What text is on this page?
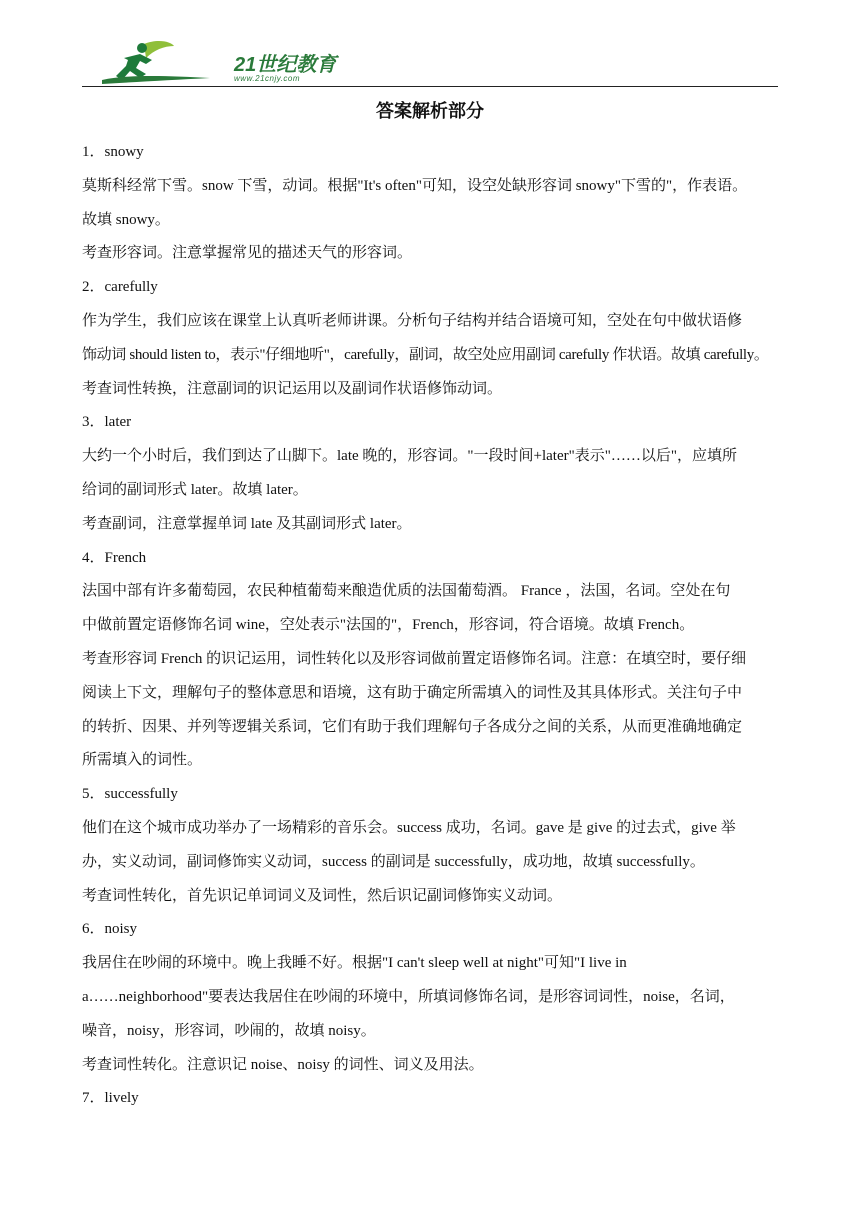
21世纪教育
www.21cnjy.com
答案解析部分
1．snowy
莫斯科经常下雪。snow 下雪，动词。根据"It's often"可知，设空处缺形容词 snowy"下雪的"，作表语。
故填 snowy。
考查形容词。注意掌握常见的描述天气的形容词。
2．carefully
作为学生，我们应该在课堂上认真听老师讲课。分析句子结构并结合语境可知，空处在句中做状语修
饰动词 should listen to，表示"仔细地听"，carefully，副词，故空处应用副词 carefully 作状语。故填 carefully。
考查词性转换，注意副词的识记运用以及副词作状语修饰动词。
3．later
大约一个小时后，我们到达了山脚下。late 晚的，形容词。"一段时间+later"表示"……以后"，应填所
给词的副词形式 later。故填 later。
考查副词，注意掌握单词 late 及其副词形式 later。
4．French
法国中部有许多葡萄园，农民种植葡萄来酿造优质的法国葡萄酒。 France ，法国，名词。空处在句
中做前置定语修饰名词 wine，空处表示"法国的"，French，形容词，符合语境。故填 French。
考查形容词 French 的识记运用，词性转化以及形容词做前置定语修饰名词。注意：在填空时，要仔细
阅读上下文，理解句子的整体意思和语境，这有助于确定所需填入的词性及其具体形式。关注句子中
的转折、因果、并列等逻辑关系词，它们有助于我们理解句子各成分之间的关系，从而更准确地确定
所需填入的词性。
5．successfully
他们在这个城市成功举办了一场精彩的音乐会。success 成功，名词。gave 是 give 的过去式，give 举
办，实义动词，副词修饰实义动词，success 的副词是 successfully，成功地，故填 successfully。
考查词性转化，首先识记单词词义及词性，然后识记副词修饰实义动词。
6．noisy
我居住在吵闹的环境中。晚上我睡不好。根据"I can't sleep well at night"可知"I live in
a……neighborhood"要表达我居住在吵闹的环境中，所填词修饰名词，是形容词词性，noise，名词，
噪音，noisy，形容词，吵闹的，故填 noisy。
考查词性转化。注意识记 noise、noisy 的词性、词义及用法。
7．lively
